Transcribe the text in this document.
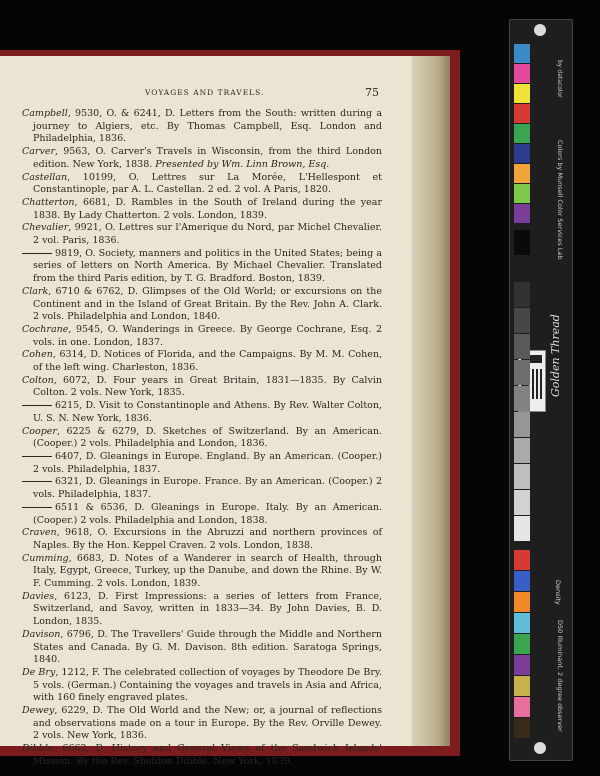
VOYAGES AND TRAVELS.	75

Campbell, 9530, O. & 6241, D. Letters from the South: written during a journey to Algiers, etc. By Thomas Campbell, Esq. London and Philadelphia, 1836.

Carver, 9563, O. Carver's Travels in Wisconsin, from the third London edition. New York, 1838. Presented by Wm. Linn Brown, Esq.

Castellan, 10199, O. Lettres sur La Morée, L'Hellespont et Constantinople, par A. L. Castellan. 2 ed. 2 vol. A Paris, 1820.

Chatterton, 6681, D. Rambles in the South of Ireland during the year 1838. By Lady Chatterton. 2 vols. London, 1839.

Chevalier, 9921, O. Lettres sur l'Amerique du Nord, par Michel Chevalier. 2 vol. Paris, 1836.

9819, O. Society, manners and politics in the United States; being a series of letters on North America. By Michael Chevalier. Translated from the third Paris edition, by T. G. Bradford. Boston, 1839.

Clark, 6710 & 6762, D. Glimpses of the Old World; or excursions on the Continent and in the Island of Great Britain. By the Rev. John A. Clark. 2 vols. Philadelphia and London, 1840.

Cochrane, 9545, O. Wanderings in Greece. By George Cochrane, Esq. 2 vols. in one. London, 1837.

Cohen, 6314, D. Notices of Florida, and the Campaigns. By M. M. Cohen, of the left wing. Charleston, 1836.

Colton, 6072, D. Four years in Great Britain, 1831—1835. By Calvin Colton. 2 vols. New York, 1835.

6215, D. Visit to Constantinople and Athens. By Rev. Walter Colton, U. S. N. New York, 1836.

Cooper, 6225 & 6279, D. Sketches of Switzerland. By an American. (Cooper.) 2 vols. Philadelphia and London, 1836.

6407, D. Gleanings in Europe. England. By an American. (Cooper.) 2 vols. Philadelphia, 1837.

6321, D. Gleanings in Europe. France. By an American. (Cooper.) 2 vols. Philadelphia, 1837.

6511 & 6536, D. Gleanings in Europe. Italy. By an American. (Cooper.) 2 vols. Philadelphia and London, 1838.

Craven, 9618, O. Excursions in the Abruzzi and northern provinces of Naples. By the Hon. Keppel Craven. 2 vols. London, 1838.

Cumming, 6683, D. Notes of a Wanderer in search of Health, through Italy, Egypt, Greece, Turkey, up the Danube, and down the Rhine. By W. F. Cumming. 2 vols. London, 1839.

Davies, 6123, D. First Impressions: a series of letters from France, Switzerland, and Savoy, written in 1833—34. By John Davies, B. D. London, 1835.

Davison, 6796, D. The Travellers' Guide through the Middle and Northern States and Canada. By G. M. Davison. 8th edition. Saratoga Springs, 1840.

De Bry, 1212, F. The celebrated collection of voyages by Theodore De Bry. 5 vols. (German.) Containing the voyages and travels in Asia and Africa, with 160 finely engraved plates.

Dewey, 6229, D. The Old World and the New; or, a journal of reflections and observations made on a tour in Europe. By the Rev. Orville Dewey. 2 vols. New York, 1836.

Dibble, 6662, D. History and General Views of the Sandwich Islands' Mission. By the Rev. Sheldon Dibble. New York, 1839.

by datacolor
Colors by Munsell Color Services Lab
Golden Thread
Density
D50 Illuminant, 2 degree observer
